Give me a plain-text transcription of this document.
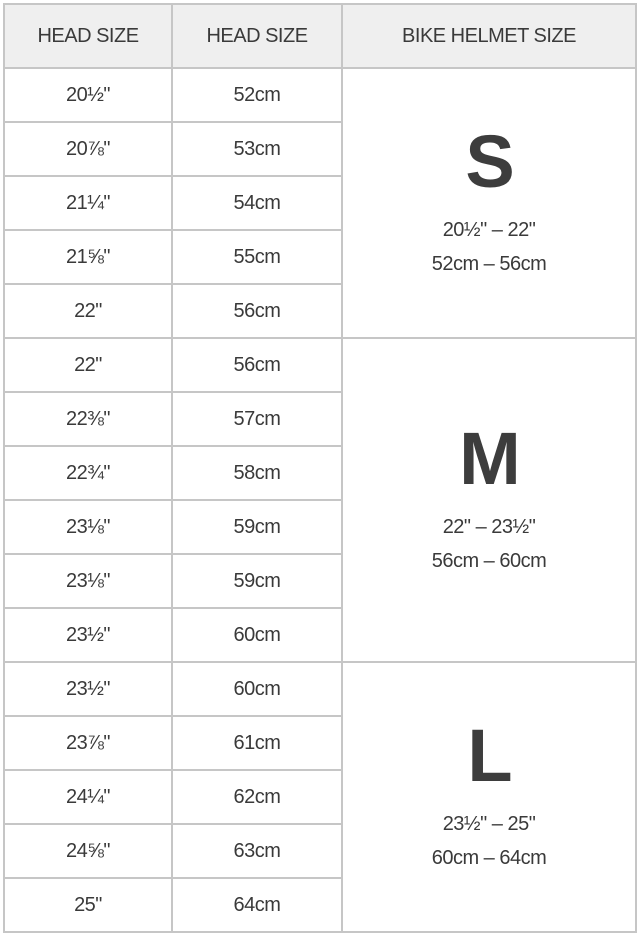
HEAD SIZE	HEAD SIZE	BIKE HELMET SIZE
20½"	52cm	S
20½" – 22"
52cm – 56cm

20⅞"	53cm	
21¼"	54cm	
21⅝"	55cm	
22"	56cm	
22"	56cm	M
22" – 23½"
56cm – 60cm

22⅜"	57cm	
22¾"	58cm	
23⅛"	59cm	
23⅛"	59cm	
23½"	60cm	
23½"	60cm	L
23½" – 25"
60cm – 64cm

23⅞"	61cm	
24¼"	62cm	
24⅝"	63cm	
25"	64cm	
